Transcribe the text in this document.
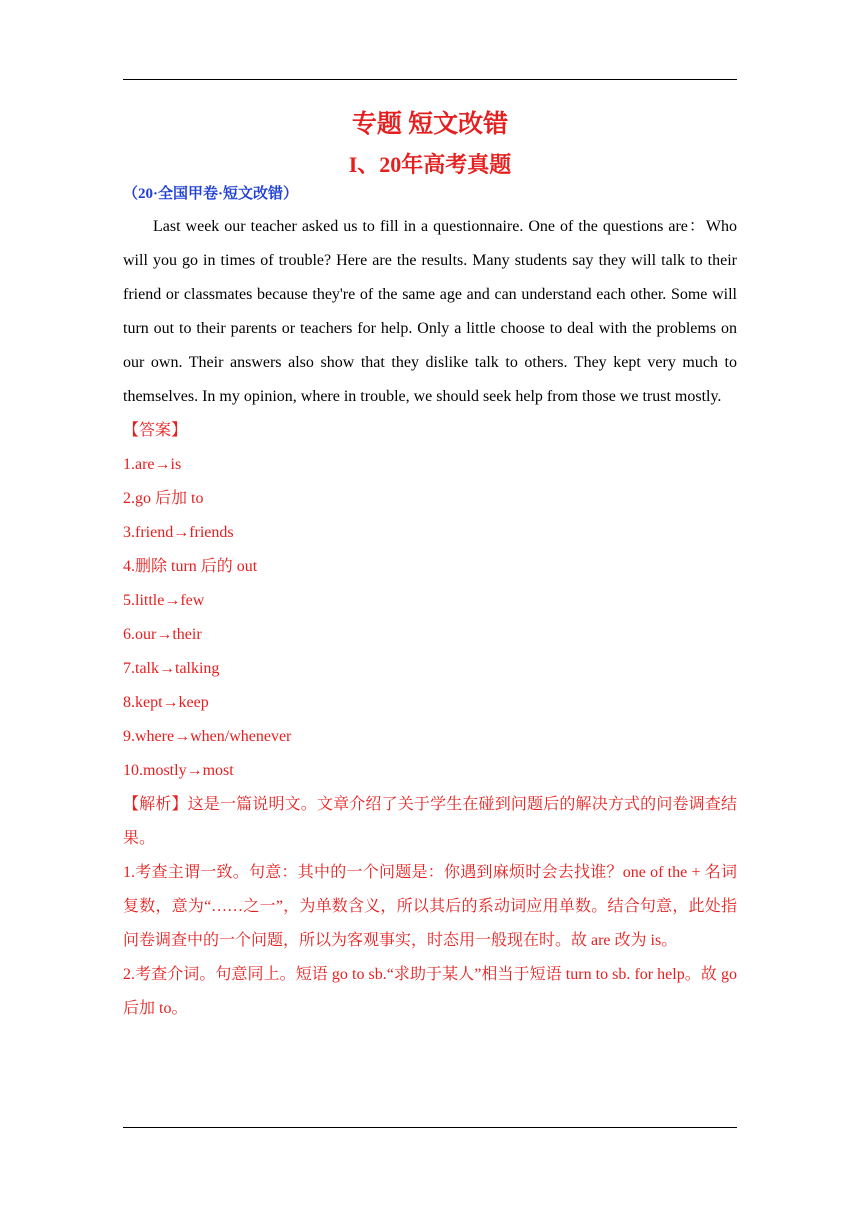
专题 短文改错
I、20年高考真题

（20·全国甲卷·短文改错）

Last week our teacher asked us to fill in a questionnaire. One of the questions are：Who will you go in times of trouble? Here are the results. Many students say they will talk to their friend or classmates because they're of the same age and can understand each other. Some will turn out to their parents or teachers for help. Only a little choose to deal with the problems on our own. Their answers also show that they dislike talk to others. They kept very much to themselves. In my opinion, where in trouble, we should seek help from those we trust mostly.

【答案】

1.are→is
2.go 后加 to
3.friend→friends
4.删除 turn 后的 out
5.little→few
6.our→their
7.talk→talking
8.kept→keep
9.where→when/whenever
10.mostly→most

【解析】这是一篇说明文。文章介绍了关于学生在碰到问题后的解决方式的问卷调查结果。

1.考查主谓一致。句意：其中的一个问题是：你遇到麻烦时会去找谁？one of the + 名词复数，意为“……之一”，为单数含义，所以其后的系动词应用单数。结合句意，此处指问卷调查中的一个问题，所以为客观事实，时态用一般现在时。故 are 改为 is。

2.考查介词。句意同上。短语 go to sb.“求助于某人”相当于短语 turn to sb. for help。故 go 后加 to。
